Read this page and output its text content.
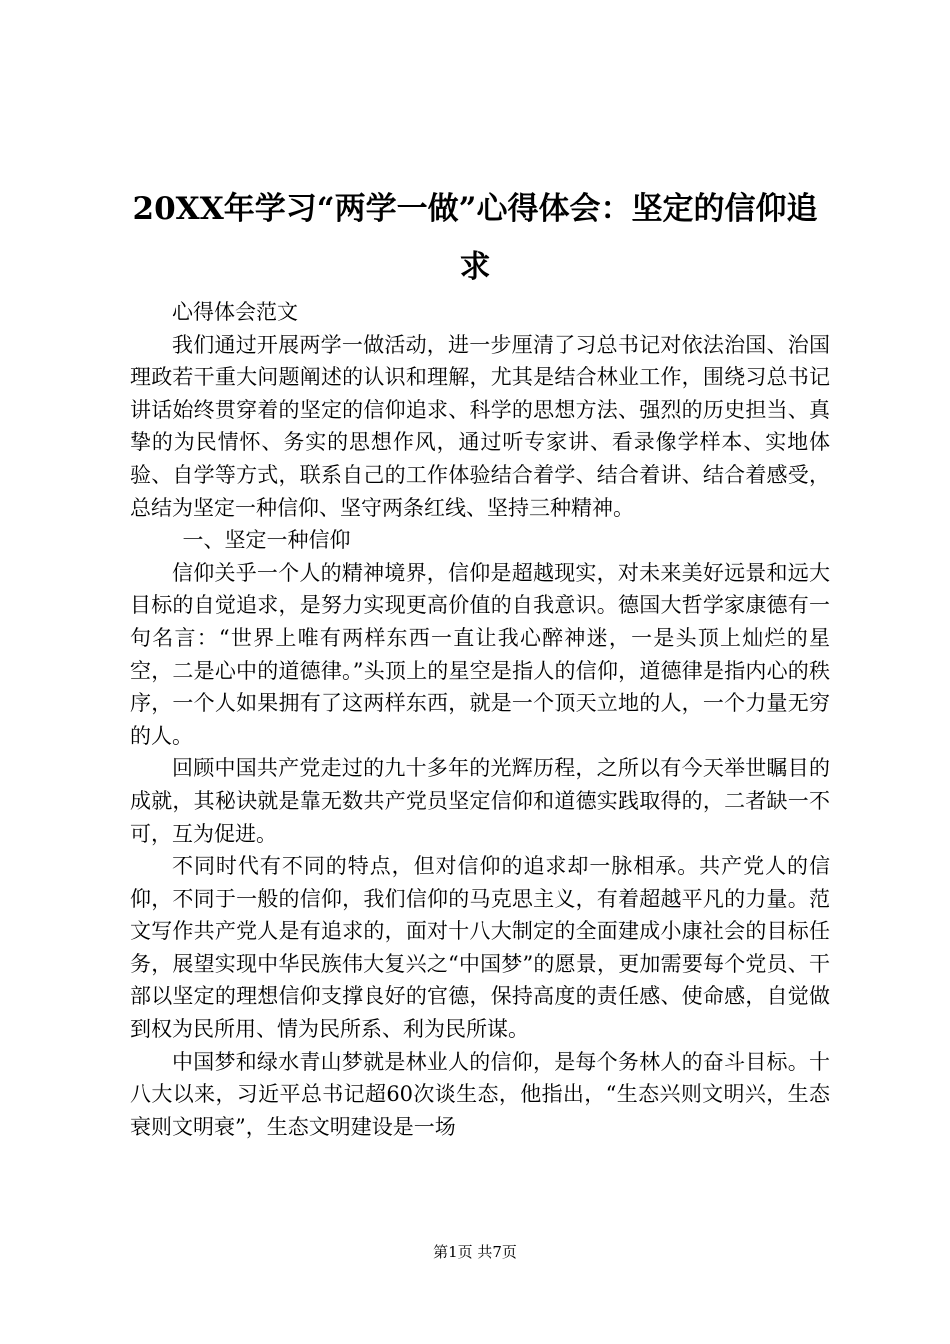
20XX年学习“两学一做”心得体会：坚定的信仰追求

心得体会范文

我们通过开展两学一做活动，进一步厘清了习总书记对依法治国、治国理政若干重大问题阐述的认识和理解，尤其是结合林业工作，围绕习总书记讲话始终贯穿着的坚定的信仰追求、科学的思想方法、强烈的历史担当、真挚的为民情怀、务实的思想作风，通过听专家讲、看录像学样本、实地体验、自学等方式，联系自己的工作体验结合着学、结合着讲、结合着感受，总结为坚定一种信仰、坚守两条红线、坚持三种精神。

一、坚定一种信仰

信仰关乎一个人的精神境界，信仰是超越现实，对未来美好远景和远大目标的自觉追求，是努力实现更高价值的自我意识。德国大哲学家康德有一句名言：“世界上唯有两样东西一直让我心醉神迷，一是头顶上灿烂的星空，二是心中的道德律。”头顶上的星空是指人的信仰，道德律是指内心的秩序，一个人如果拥有了这两样东西，就是一个顶天立地的人，一个力量无穷的人。

回顾中国共产党走过的九十多年的光辉历程，之所以有今天举世瞩目的成就，其秘诀就是靠无数共产党员坚定信仰和道德实践取得的，二者缺一不可，互为促进。

不同时代有不同的特点，但对信仰的追求却一脉相承。共产党人的信仰，不同于一般的信仰，我们信仰的马克思主义，有着超越平凡的力量。范文写作共产党人是有追求的，面对十八大制定的全面建成小康社会的目标任务，展望实现中华民族伟大复兴之“中国梦”的愿景，更加需要每个党员、干部以坚定的理想信仰支撑良好的官德，保持高度的责任感、使命感，自觉做到权为民所用、情为民所系、利为民所谋。

中国梦和绿水青山梦就是林业人的信仰，是每个务林人的奋斗目标。十八大以来，习近平总书记超60次谈生态，他指出，“生态兴则文明兴，生态衰则文明衰”，生态文明建设是一场

第1页 共7页
